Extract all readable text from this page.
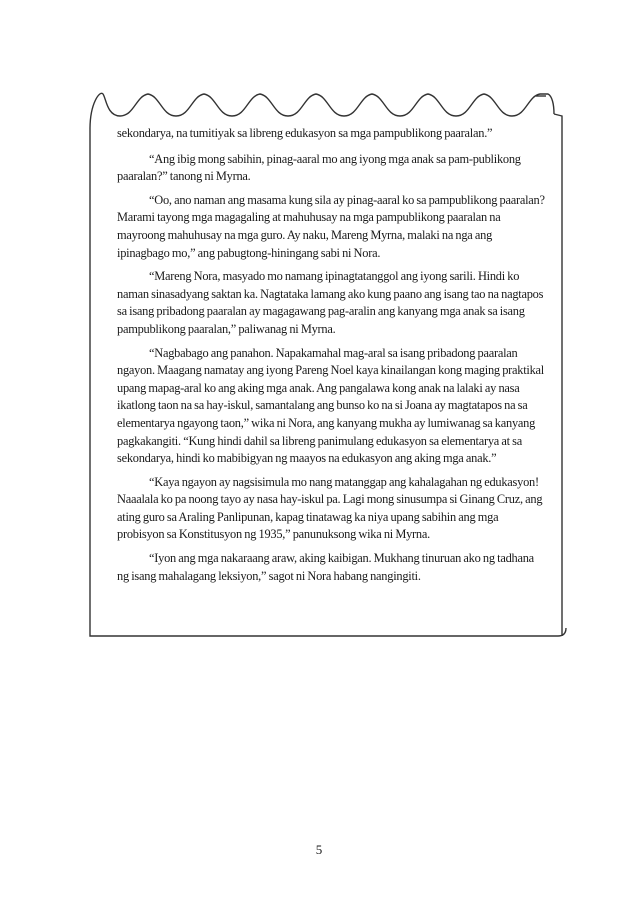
sekondarya, na tumitiyak sa libreng edukasyon sa mga pampublikong paaralan.”

“Ang ibig mong sabihin, pinag-aaral mo ang iyong mga anak sa pam-publikong paaralan?” tanong ni Myrna.

“Oo, ano naman ang masama kung sila ay pinag-aaral ko sa pampublikong paaralan? Marami tayong mga magagaling at mahuhusay na mga pampublikong paaralan na mayroong mahuhusay na mga guro. Ay naku, Mareng Myrna, malaki na nga ang ipinagbago mo,” ang pabugtong-hiningang sabi ni Nora.

“Mareng Nora, masyado mo namang ipinagtatanggol ang iyong sarili. Hindi ko naman sinasadyang saktan ka. Nagtataka lamang ako kung paano ang isang tao na nagtapos sa isang pribadong paaralan ay magagawang pag-aralin ang kanyang mga anak sa isang pampublikong paaralan,” paliwanag ni Myrna.

“Nagbabago ang panahon. Napakamahal mag-aral sa isang pribadong paaralan ngayon. Maagang namatay ang iyong Pareng Noel kaya kinailangan kong maging praktikal upang mapag-aral ko ang aking mga anak. Ang pangalawa kong anak na lalaki ay nasa ikatlong taon na sa hay-iskul, samantalang ang bunso ko na si Joana ay magtatapos na sa elementarya ngayong taon,” wika ni Nora, ang kanyang mukha ay lumiwanag sa kanyang pagkakangiti. “Kung hindi dahil sa libreng panimulang edukasyon sa elementarya at sa sekondarya, hindi ko mabibigyan ng maayos na edukasyon ang aking mga anak.”

“Kaya ngayon ay nagsisimula mo nang matanggap ang kahalagahan ng edukasyon! Naaalala ko pa noong tayo ay nasa hay-iskul pa. Lagi mong sinusumpa si Ginang Cruz, ang ating guro sa Araling Panlipunan, kapag tinatawag ka niya upang sabihin ang mga probisyon sa Konstitusyon ng 1935,” panunuksong wika ni Myrna.

“Iyon ang mga nakaraang araw, aking kaibigan. Mukhang tinuruan ako ng tadhana ng isang mahalagang leksiyon,” sagot ni Nora habang nangingiti.

5
